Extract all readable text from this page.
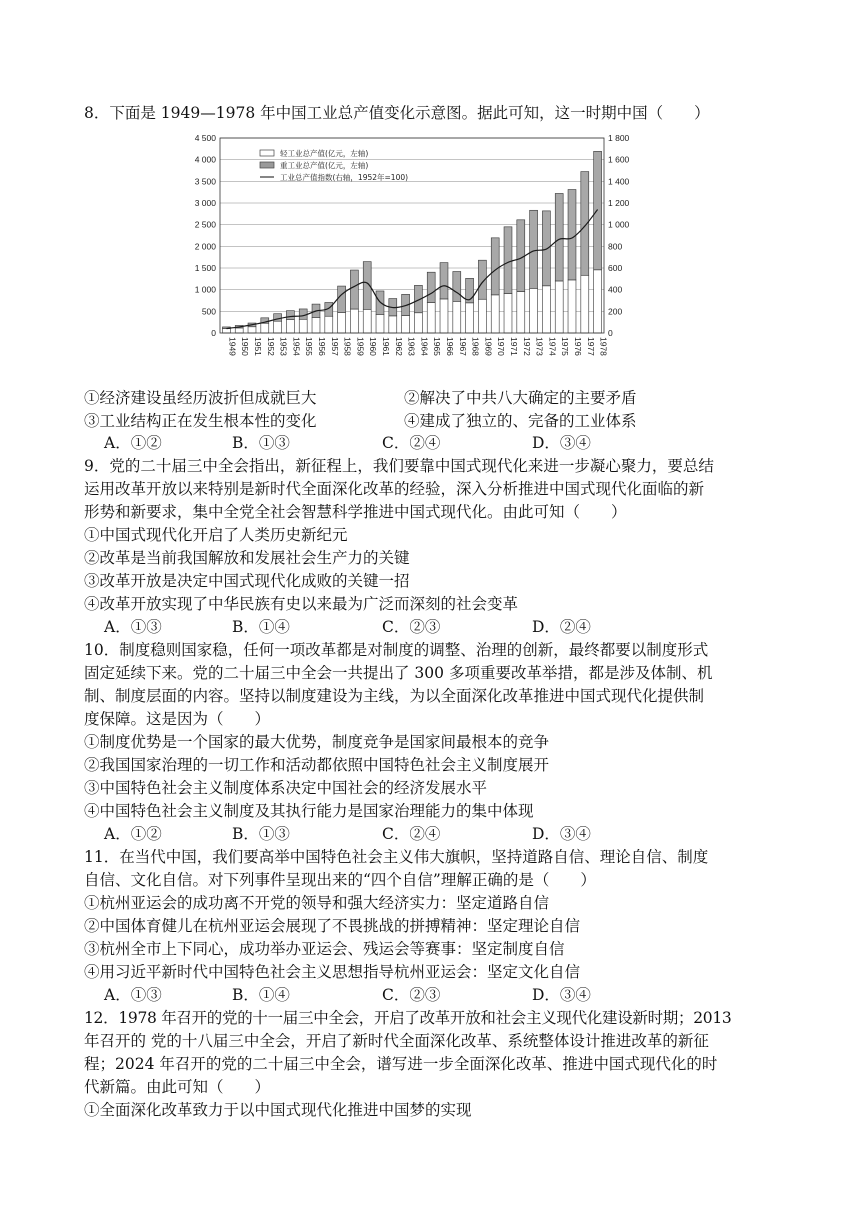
8．下面是 1949—1978 年中国工业总产值变化示意图。据此可知，这一时期中国（　　）
4 500
4 000
3 500
3 000
2 500
2 000
1 500
1 000
500
0
1 800
1 600
1 400
1 200
1 000
800
600
400
200
0
1949 1950 1951 1952 1953 1954 1955 1956 1957 1958 1959 1960 1961 1962 1963 1964 1965 1966 1967 1968 1969 1970 1971 1972 1973 1974 1975 1976 1977 1978
轻工业总产值(亿元，左轴)
重工业总产值(亿元，左轴)
工业总产值指数(右轴，1952年=100)
①经济建设虽经历波折但成就巨大	②解决了中共八大确定的主要矛盾
③工业结构正在发生根本性的变化	④建成了独立的、完备的工业体系
A．①②	B．①③	C．②④	D．③④
9．党的二十届三中全会指出，新征程上，我们要靠中国式现代化来进一步凝心聚力，要总结
运用改革开放以来特别是新时代全面深化改革的经验，深入分析推进中国式现代化面临的新
形势和新要求，集中全党全社会智慧科学推进中国式现代化。由此可知（　　）
①中国式现代化开启了人类历史新纪元
②改革是当前我国解放和发展社会生产力的关键
③改革开放是决定中国式现代化成败的关键一招
④改革开放实现了中华民族有史以来最为广泛而深刻的社会变革
A．①③	B．①④	C．②③	D．②④
10．制度稳则国家稳，任何一项改革都是对制度的调整、治理的创新，最终都要以制度形式
固定延续下来。党的二十届三中全会一共提出了 300 多项重要改革举措，都是涉及体制、机
制、制度层面的内容。坚持以制度建设为主线，为以全面深化改革推进中国式现代化提供制
度保障。这是因为（　　）
①制度优势是一个国家的最大优势，制度竞争是国家间最根本的竞争
②我国国家治理的一切工作和活动都依照中国特色社会主义制度展开
③中国特色社会主义制度体系决定中国社会的经济发展水平
④中国特色社会主义制度及其执行能力是国家治理能力的集中体现
A．①②	B．①③	C．②④	D．③④
11．在当代中国，我们要高举中国特色社会主义伟大旗帜，坚持道路自信、理论自信、制度
自信、文化自信。对下列事件呈现出来的“四个自信”理解正确的是（　　）
①杭州亚运会的成功离不开党的领导和强大经济实力：坚定道路自信
②中国体育健儿在杭州亚运会展现了不畏挑战的拼搏精神：坚定理论自信
③杭州全市上下同心，成功举办亚运会、残运会等赛事：坚定制度自信
④用习近平新时代中国特色社会主义思想指导杭州亚运会：坚定文化自信
A．①③	B．①④	C．②③	D．③④
12．1978 年召开的党的十一届三中全会，开启了改革开放和社会主义现代化建设新时期；2013
年召开的 党的十八届三中全会，开启了新时代全面深化改革、系统整体设计推进改革的新征
程；2024 年召开的党的二十届三中全会，谱写进一步全面深化改革、推进中国式现代化的时
代新篇。由此可知（　　）
①全面深化改革致力于以中国式现代化推进中国梦的实现
